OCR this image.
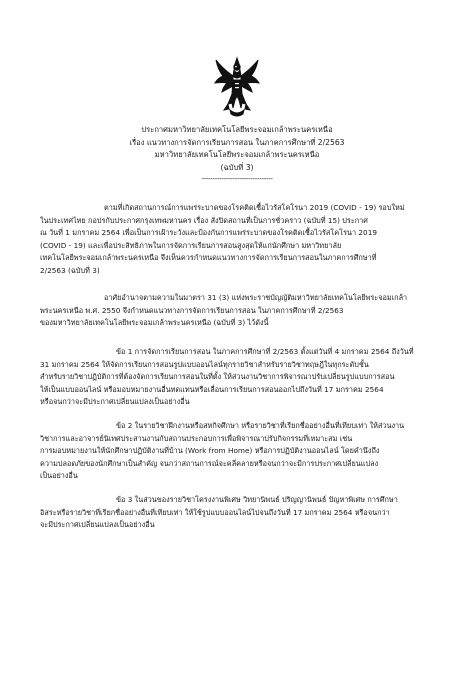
ประกาศมหาวิทยาลัยเทคโนโลยีพระจอมเกล้าพระนครเหนือ
เรื่อง แนวทางการจัดการเรียนการสอน ในภาคการศึกษาที่ 2/2563
มหาวิทยาลัยเทคโนโลยีพระจอมเกล้าพระนครเหนือ
(ฉบับที่ 3)
--------------------------------
ตามที่เกิดสถานการณ์การแพร่ระบาดของโรคติดเชื้อไวรัสโคโรนา 2019 (COVID - 19) รอบใหม่
ในประเทศไทย กอปรกับประกาศกรุงเทพมหานคร เรื่อง สั่งปิดสถานที่เป็นการชั่วคราว (ฉบับที่ 15) ประกาศ
ณ วันที่ 1 มกราคม 2564 เพื่อเป็นการเฝ้าระวังและป้องกันการแพร่ระบาดของโรคติดเชื้อไวรัสโคโรนา 2019
(COVID - 19) และเพื่อประสิทธิภาพในการจัดการเรียนการสอนสูงสุดให้แก่นักศึกษา มหาวิทยาลัย
เทคโนโลยีพระจอมเกล้าพระนครเหนือ จึงเห็นควรกำหนดแนวทางการจัดการเรียนการสอนในภาคการศึกษาที่
2/2563 (ฉบับที่ 3)
อาศัยอำนาจตามความในมาตรา 31 (3) แห่งพระราชบัญญัติมหาวิทยาลัยเทคโนโลยีพระจอมเกล้า
พระนครเหนือ พ.ศ. 2550 จึงกำหนดแนวทางการจัดการเรียนการสอน ในภาคการศึกษาที่ 2/2563
ของมหาวิทยาลัยเทคโนโลยีพระจอมเกล้าพระนครเหนือ (ฉบับที่ 3) ไว้ดังนี้
ข้อ 1 การจัดการเรียนการสอน ในภาคการศึกษาที่ 2/2563 ตั้งแต่วันที่ 4 มกราคม 2564 ถึงวันที่
31 มกราคม 2564 ให้จัดการเรียนการสอนรูปแบบออนไลน์ทุกรายวิชาสำหรับรายวิชาทฤษฎีในทุกระดับชั้น
สำหรับรายวิชาปฏิบัติการที่ต้องจัดการเรียนการสอนในที่ตั้ง ให้ส่วนงานวิชาการพิจารณาปรับเปลี่ยนรูปแบบการสอน
ให้เป็นแบบออนไลน์ หรือมอบหมายงานอื่นทดแทนหรือเลื่อนการเรียนการสอนออกไปถึงวันที่ 17 มกราคม 2564
หรือจนกว่าจะมีประกาศเปลี่ยนแปลงเป็นอย่างอื่น
ข้อ 2 ในรายวิชาฝึกงานหรือสหกิจศึกษา หรือรายวิชาที่เรียกชื่ออย่างอื่นที่เทียบเท่า ให้ส่วนงาน
วิชาการและอาจารย์นิเทศประสานงานกับสถานประกอบการเพื่อพิจารณาปรับกิจกรรมที่เหมาะสม เช่น
การมอบหมายงานให้นักศึกษาปฏิบัติงานที่บ้าน (Work from Home) หรือการปฏิบัติงานออนไลน์ โดยคำนึงถึง
ความปลอดภัยของนักศึกษาเป็นสำคัญ จนกว่าสถานการณ์จะคลี่คลายหรือจนกว่าจะมีการประกาศเปลี่ยนแปลง
เป็นอย่างอื่น
ข้อ 3 ในส่วนของรายวิชาโครงงานพิเศษ วิทยานิพนธ์ ปริญญานิพนธ์ ปัญหาพิเศษ การศึกษา
อิสระหรือรายวิชาที่เรียกชื่ออย่างอื่นที่เทียบเท่า ให้ใช้รูปแบบออนไลน์ไปจนถึงวันที่ 17 มกราคม 2564 หรือจนกว่า
จะมีประกาศเปลี่ยนแปลงเป็นอย่างอื่น
